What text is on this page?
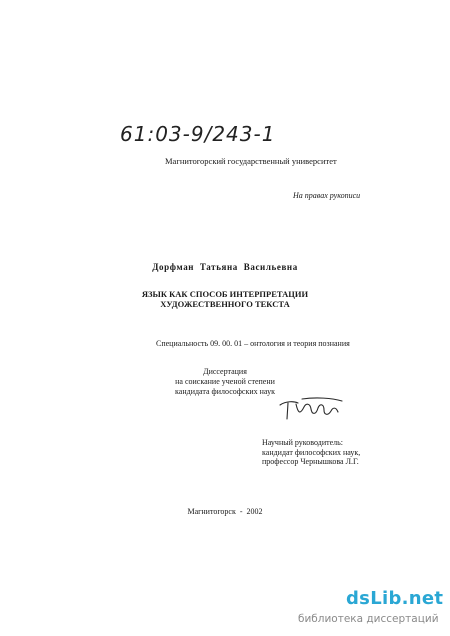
61:03-9/243-1
Магнитогорский государственный университет
На правах рукописи
Дорфман Татьяна Васильевна
ЯЗЫК КАК СПОСОБ ИНТЕРПРЕТАЦИИ
ХУДОЖЕСТВЕННОГО ТЕКСТА
Специальность 09. 00. 01 – онтология и теория познания
Диссертация
на соискание ученой степени
кандидата философских наук
Научный руководитель:
кандидат философских наук,
профессор Чернышкова Л.Г.
Магнитогорск - 2002
dsLib.net
библиотека диссертаций
